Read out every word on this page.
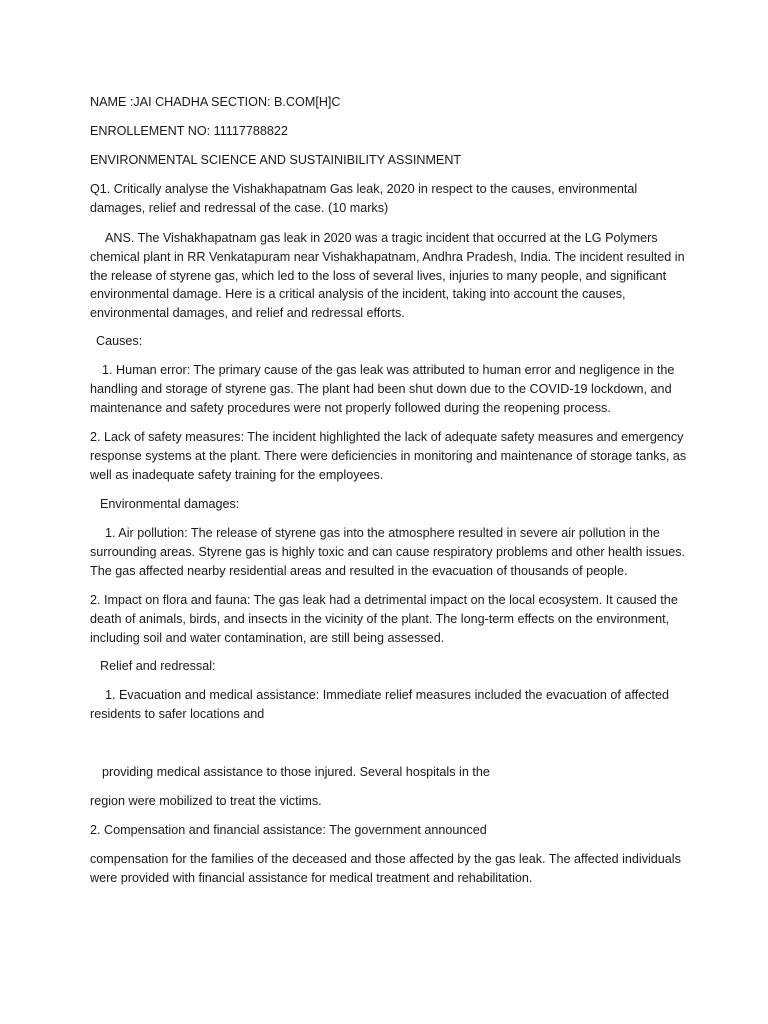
NAME :JAI CHADHA SECTION: B.COM[H]C

ENROLLEMENT NO: 11117788822

ENVIRONMENTAL SCIENCE AND SUSTAINIBILITY ASSINMENT

Q1. Critically analyse the Vishakhapatnam Gas leak, 2020 in respect to the causes, environmental damages, relief and redressal of the case. (10 marks)

ANS. The Vishakhapatnam gas leak in 2020 was a tragic incident that occurred at the LG Polymers chemical plant in RR Venkatapuram near Vishakhapatnam, Andhra Pradesh, India. The incident resulted in the release of styrene gas, which led to the loss of several lives, injuries to many people, and significant environmental damage. Here is a critical analysis of the incident, taking into account the causes, environmental damages, and relief and redressal efforts.

Causes:

1. Human error: The primary cause of the gas leak was attributed to human error and negligence in the handling and storage of styrene gas. The plant had been shut down due to the COVID-19 lockdown, and maintenance and safety procedures were not properly followed during the reopening process.

2. Lack of safety measures: The incident highlighted the lack of adequate safety measures and emergency response systems at the plant. There were deficiencies in monitoring and maintenance of storage tanks, as well as inadequate safety training for the employees.

Environmental damages:

1. Air pollution: The release of styrene gas into the atmosphere resulted in severe air pollution in the surrounding areas. Styrene gas is highly toxic and can cause respiratory problems and other health issues. The gas affected nearby residential areas and resulted in the evacuation of thousands of people.

2. Impact on flora and fauna: The gas leak had a detrimental impact on the local ecosystem. It caused the death of animals, birds, and insects in the vicinity of the plant. The long-term effects on the environment, including soil and water contamination, are still being assessed.

Relief and redressal:

1. Evacuation and medical assistance: Immediate relief measures included the evacuation of affected residents to safer locations and

providing medical assistance to those injured. Several hospitals in the

region were mobilized to treat the victims.

2. Compensation and financial assistance: The government announced

compensation for the families of the deceased and those affected by the gas leak. The affected individuals were provided with financial assistance for medical treatment and rehabilitation.
